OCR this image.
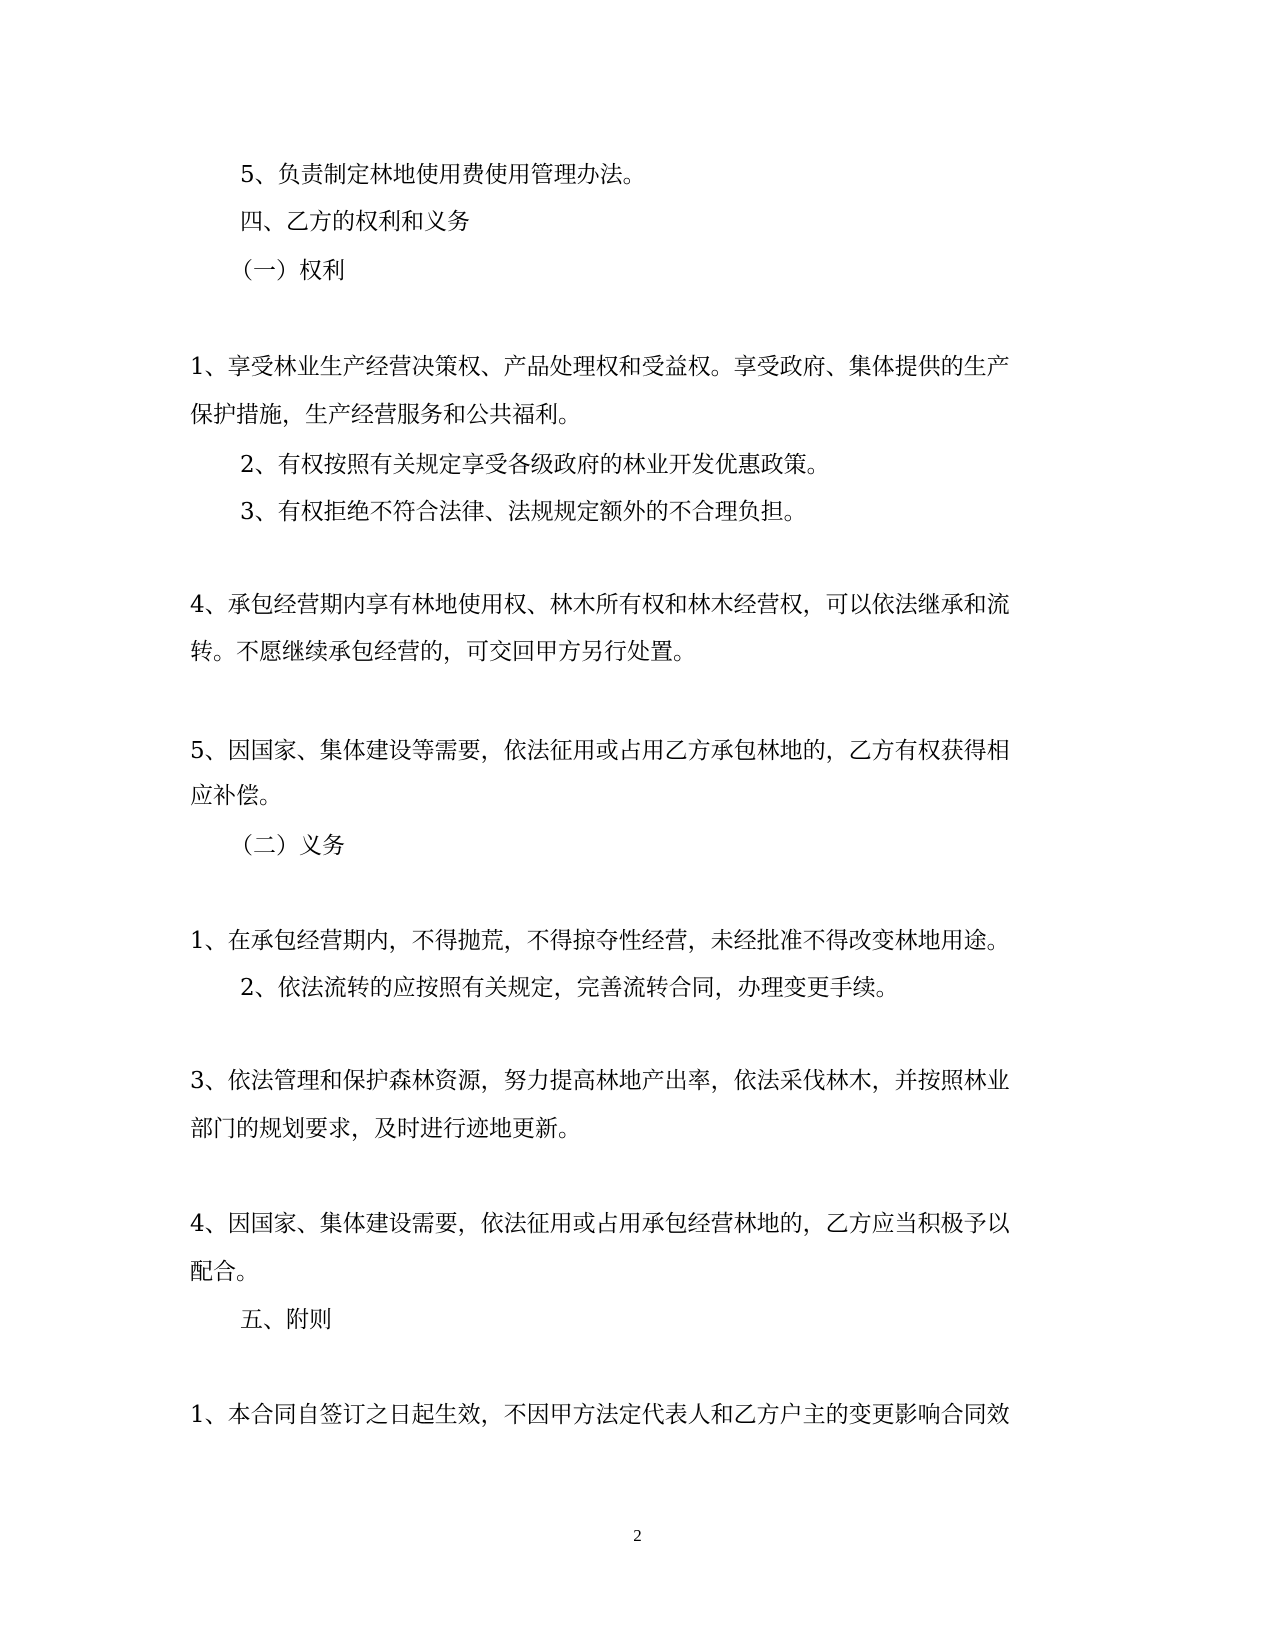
5、负责制定林地使用费使用管理办法。

四、乙方的权利和义务

（一）权利

1、享受林业生产经营决策权、产品处理权和受益权。享受政府、集体提供的生产

保护措施，生产经营服务和公共福利。

2、有权按照有关规定享受各级政府的林业开发优惠政策。

3、有权拒绝不符合法律、法规规定额外的不合理负担。

4、承包经营期内享有林地使用权、林木所有权和林木经营权，可以依法继承和流

转。不愿继续承包经营的，可交回甲方另行处置。

5、因国家、集体建设等需要，依法征用或占用乙方承包林地的，乙方有权获得相

应补偿。

（二）义务

1、在承包经营期内，不得抛荒，不得掠夺性经营，未经批准不得改变林地用途。

2、依法流转的应按照有关规定，完善流转合同，办理变更手续。

3、依法管理和保护森林资源，努力提高林地产出率，依法采伐林木，并按照林业

部门的规划要求，及时进行迹地更新。

4、因国家、集体建设需要，依法征用或占用承包经营林地的，乙方应当积极予以

配合。

五、附则

1、本合同自签订之日起生效，不因甲方法定代表人和乙方户主的变更影响合同效

2
